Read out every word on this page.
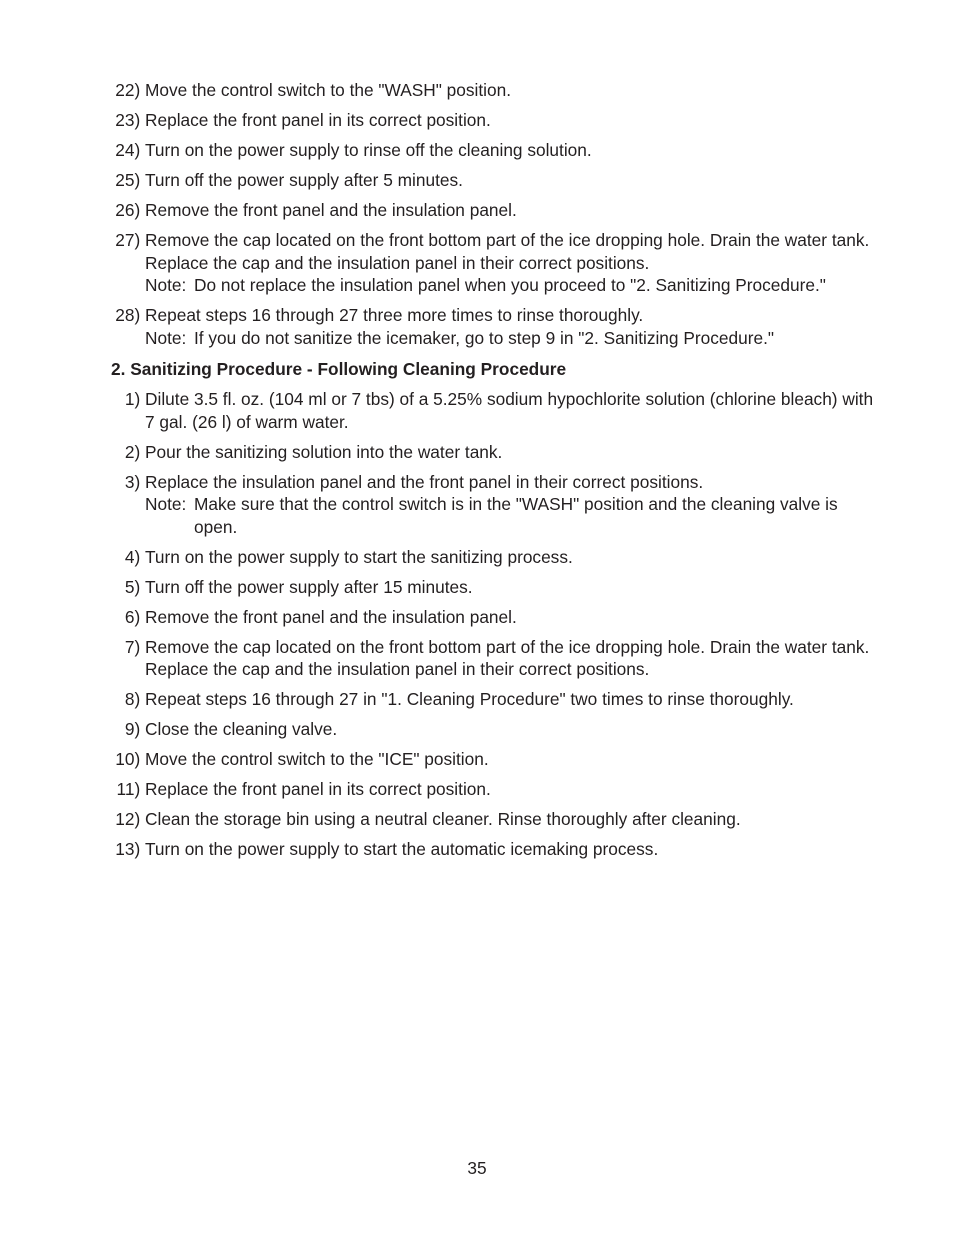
22) Move the control switch to the "WASH" position.
23) Replace the front panel in its correct position.
24) Turn on the power supply to rinse off the cleaning solution.
25) Turn off the power supply after 5 minutes.
26) Remove the front panel and the insulation panel.
27) Remove the cap located on the front bottom part of the ice dropping hole. Drain the water tank. Replace the cap and the insulation panel in their correct positions.
Note: Do not replace the insulation panel when you proceed to "2. Sanitizing Procedure."
28) Repeat steps 16 through 27 three more times to rinse thoroughly.
Note: If you do not sanitize the icemaker, go to step 9 in "2. Sanitizing Procedure."
2. Sanitizing Procedure - Following Cleaning Procedure
1) Dilute 3.5 fl. oz. (104 ml or 7 tbs) of a 5.25% sodium hypochlorite solution (chlorine bleach) with 7 gal. (26 l) of warm water.
2) Pour the sanitizing solution into the water tank.
3) Replace the insulation panel and the front panel in their correct positions.
Note: Make sure that the control switch is in the "WASH" position and the cleaning valve is open.
4) Turn on the power supply to start the sanitizing process.
5) Turn off the power supply after 15 minutes.
6) Remove the front panel and the insulation panel.
7) Remove the cap located on the front bottom part of the ice dropping hole. Drain the water tank. Replace the cap and the insulation panel in their correct positions.
8) Repeat steps 16 through 27 in "1. Cleaning Procedure" two times to rinse thoroughly.
9) Close the cleaning valve.
10) Move the control switch to the "ICE" position.
11) Replace the front panel in its correct position.
12) Clean the storage bin using a neutral cleaner. Rinse thoroughly after cleaning.
13) Turn on the power supply to start the automatic icemaking process.
35
